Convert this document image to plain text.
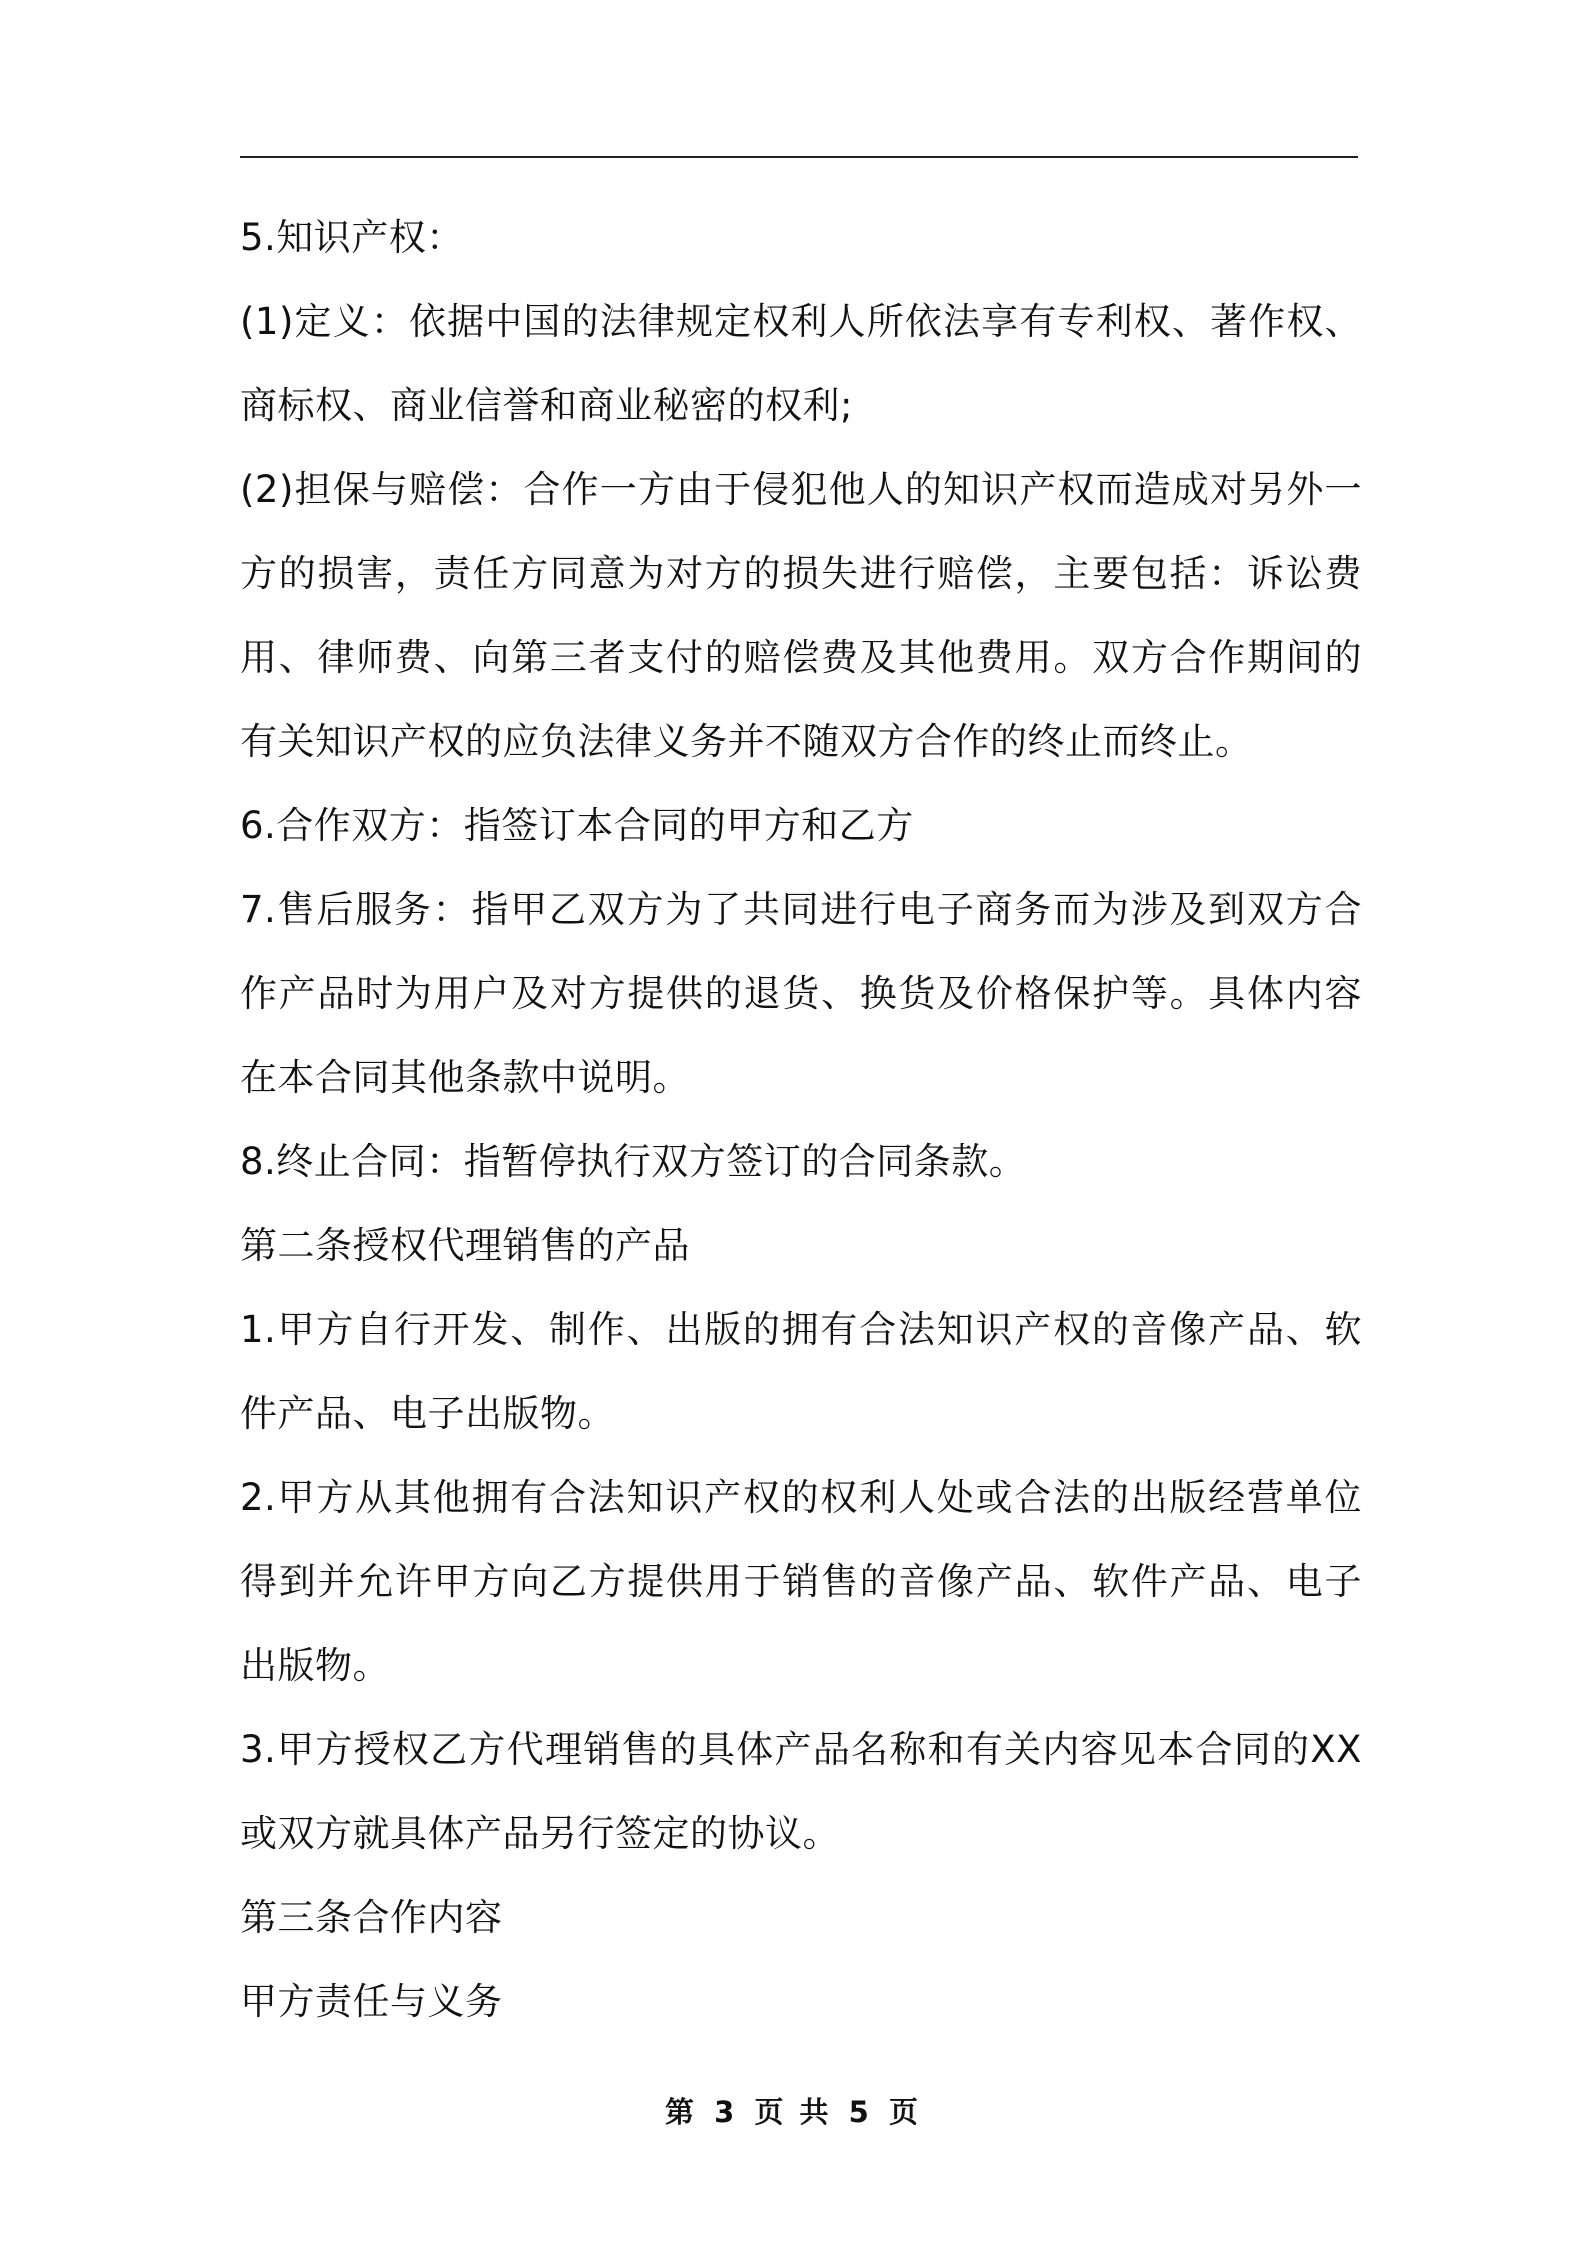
5.知识产权：

(1)定义：依据中国的法律规定权利人所依法享有专利权、著作权、商标权、商业信誉和商业秘密的权利;

(2)担保与赔偿：合作一方由于侵犯他人的知识产权而造成对另外一方的损害，责任方同意为对方的损失进行赔偿，主要包括：诉讼费用、律师费、向第三者支付的赔偿费及其他费用。双方合作期间的有关知识产权的应负法律义务并不随双方合作的终止而终止。

6.合作双方：指签订本合同的甲方和乙方

7.售后服务：指甲乙双方为了共同进行电子商务而为涉及到双方合作产品时为用户及对方提供的退货、换货及价格保护等。具体内容在本合同其他条款中说明。

8.终止合同：指暂停执行双方签订的合同条款。

第二条授权代理销售的产品

1.甲方自行开发、制作、出版的拥有合法知识产权的音像产品、软件产品、电子出版物。

2.甲方从其他拥有合法知识产权的权利人处或合法的出版经营单位得到并允许甲方向乙方提供用于销售的音像产品、软件产品、电子出版物。

3.甲方授权乙方代理销售的具体产品名称和有关内容见本合同的XX或双方就具体产品另行签定的协议。

第三条合作内容

甲方责任与义务

第 3 页 共 5 页
